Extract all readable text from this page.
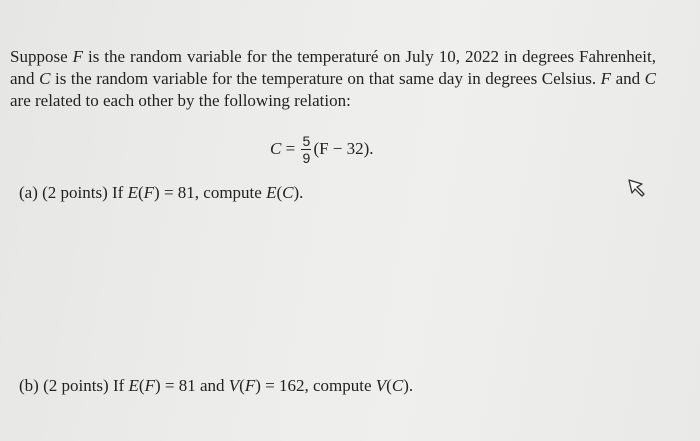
Suppose F is the random variable for the temperaturé on July 10, 2022 in degrees Fahrenheit, and C is the random variable for the temperature on that same day in degrees Celsius. F and C are related to each other by the following relation:

$C = \frac{5}{9} (F - 32)$.

(a) (2 points) If E(F) = 81, compute E(C).

(b) (2 points) If E(F) = 81 and V(F) = 162, compute V(C).
